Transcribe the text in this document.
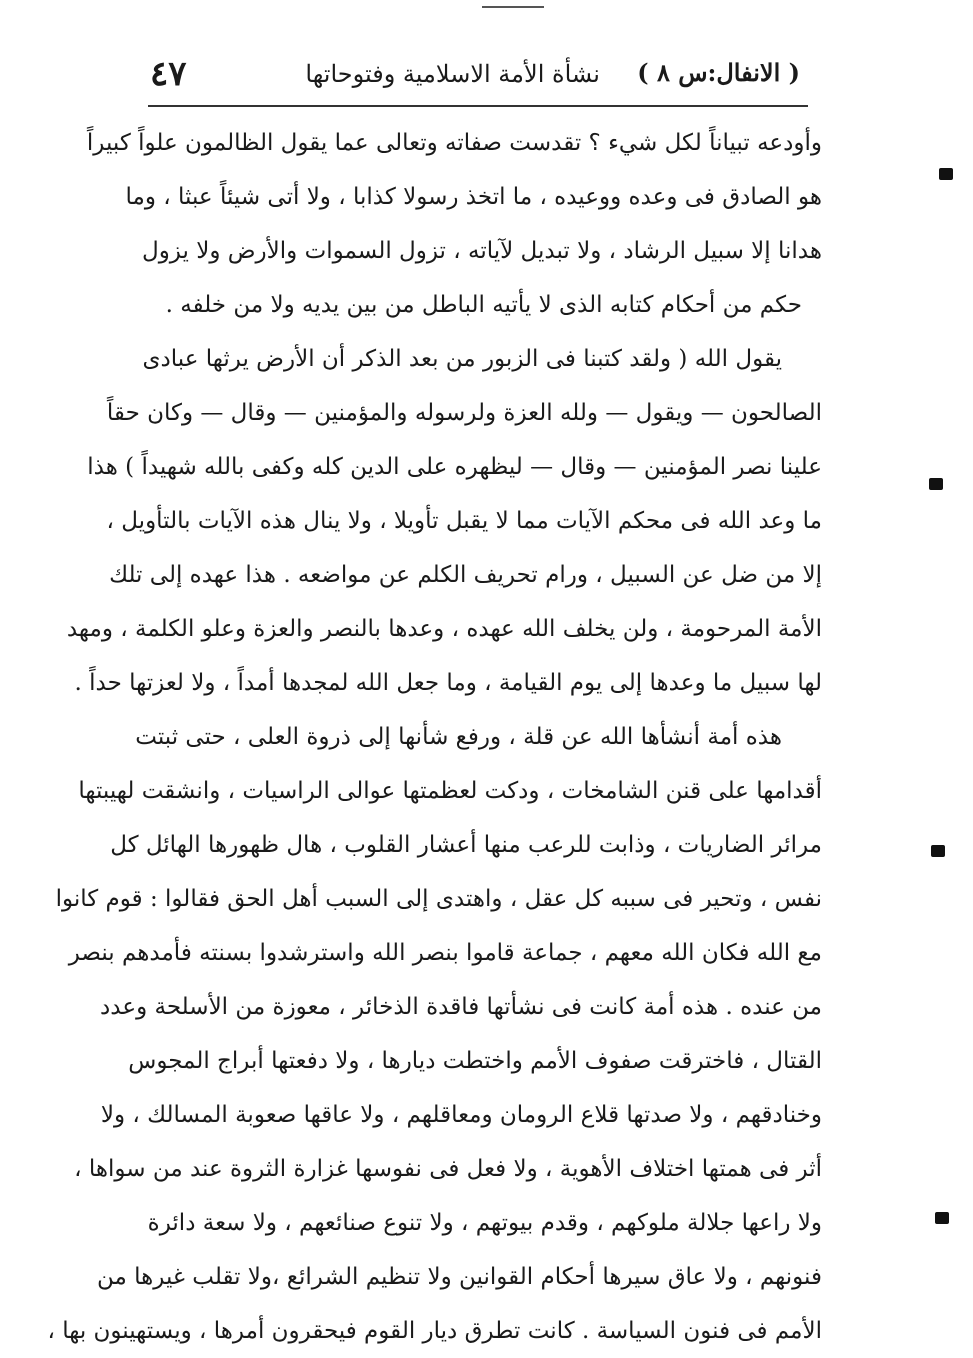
٤٧	نشأة الأمة الاسلامية وفتوحاتها ( الانفال:س ٨ )
وأودعه تبياناً لكل شيء ؟ تقدست صفاته وتعالى عما يقول الظالمون علواً كبيراً
هو الصادق فى وعده ووعيده ، ما اتخذ رسولا كذابا ، ولا أتى شيئاً عبثا ، وما
هدانا إلا سبيل الرشاد ، ولا تبديل لآياته ، تزول السموات والأرض ولا يزول
حكم من أحكام كتابه الذى لا يأتيه الباطل من بين يديه ولا من خلفه .
يقول الله ( ولقد كتبنا فى الزبور من بعد الذكر أن الأرض يرثها عبادى
الصالحون — ويقول — ولله العزة ولرسوله والمؤمنين — وقال — وكان حقاً
علينا نصر المؤمنين — وقال — ليظهره على الدين كله وكفى بالله شهيداً ) هذا
ما وعد الله فى محكم الآيات مما لا يقبل تأويلا ، ولا ينال هذه الآيات بالتأويل ،
إلا من ضل عن السبيل ، ورام تحريف الكلم عن مواضعه . هذا عهده إلى تلك
الأمة المرحومة ، ولن يخلف الله عهده ، وعدها بالنصر والعزة وعلو الكلمة ، ومهد
لها سبيل ما وعدها إلى يوم القيامة ، وما جعل الله لمجدها أمداً ، ولا لعزتها حداً .
هذه أمة أنشأها الله عن قلة ، ورفع شأنها إلى ذروة العلى ، حتى ثبتت
أقدامها على قنن الشامخات ، ودكت لعظمتها عوالى الراسيات ، وانشقت لهيبتها
مرائر الضاريات ، وذابت للرعب منها أعشار القلوب ، هال ظهورها الهائل كل
نفس ، وتحير فى سببه كل عقل ، واهتدى إلى السبب أهل الحق فقالوا : قوم كانوا
مع الله فكان الله معهم ، جماعة قاموا بنصر الله واسترشدوا بسنته فأمدهم بنصر
من عنده . هذه أمة كانت فى نشأتها فاقدة الذخائر ، معوزة من الأسلحة وعدد
القتال ، فاخترقت صفوف الأمم واختطت ديارها ، ولا دفعتها أبراج المجوس
وخنادقهم ، ولا صدتها قلاع الرومان ومعاقلهم ، ولا عاقها صعوبة المسالك ، ولا
أثر فى همتها اختلاف الأهوية ، ولا فعل فى نفوسها غزارة الثروة عند من سواها ،
ولا راعها جلالة ملوكهم ، وقدم بيوتهم ، ولا تنوع صنائعهم ، ولا سعة دائرة
فنونهم ، ولا عاق سيرها أحكام القوانين ولا تنظيم الشرائع ،ولا تقلب غيرها من
الأمم فى فنون السياسة . كانت تطرق ديار القوم فيحقرون أمرها ، ويستهينون بها ،
